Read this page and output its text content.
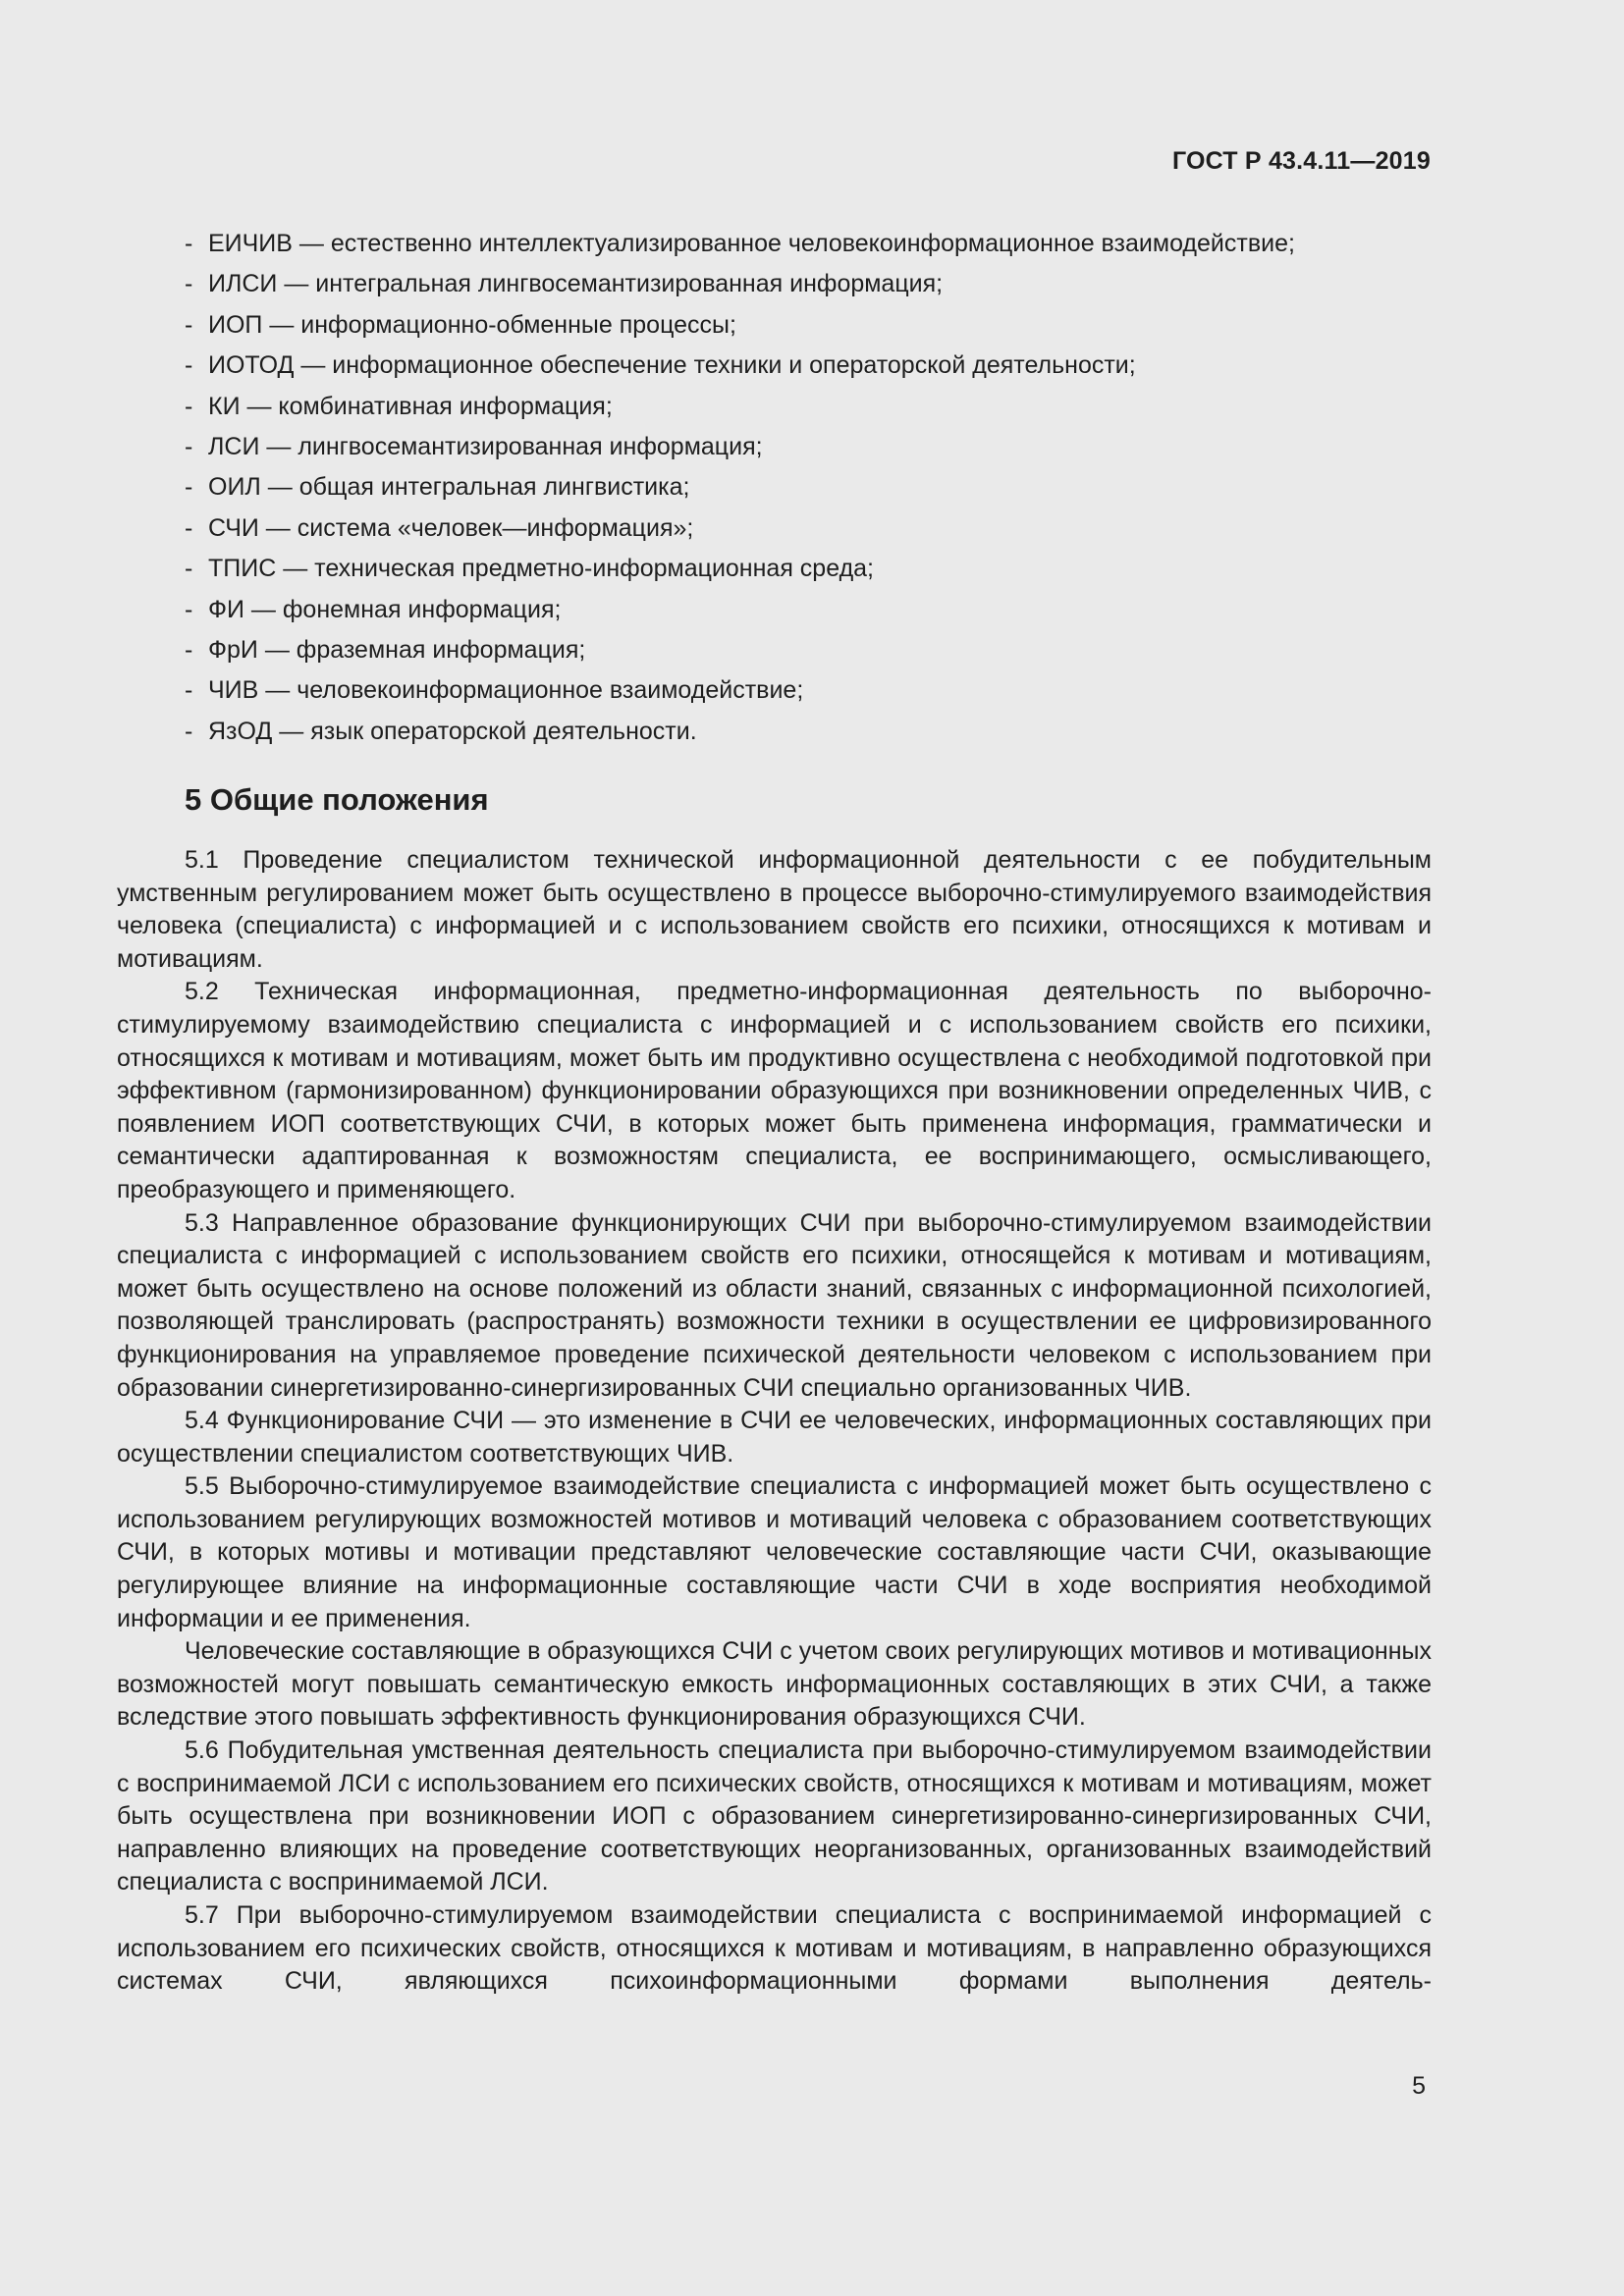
ГОСТ Р 43.4.11—2019
- ЕИЧИВ — естественно интеллектуализированное человекоинформационное взаимодействие;
- ИЛСИ — интегральная лингвосемантизированная информация;
- ИОП — информационно-обменные процессы;
- ИОТОД — информационное обеспечение техники и операторской деятельности;
- КИ — комбинативная информация;
- ЛСИ — лингвосемантизированная информация;
- ОИЛ — общая интегральная лингвистика;
- СЧИ — система «человек—информация»;
- ТПИС — техническая предметно-информационная среда;
- ФИ — фонемная информация;
- ФрИ — фраземная информация;
- ЧИВ — человекоинформационное взаимодействие;
- ЯзОД — язык операторской деятельности.
5 Общие положения

5.1 Проведение специалистом технической информационной деятельности с ее побудительным умственным регулированием может быть осуществлено в процессе выборочно-стимулируемого взаимодействия человека (специалиста) с информацией и с использованием свойств его психики, относящихся к мотивам и мотивациям.

5.2 Техническая информационная, предметно-информационная деятельность по выборочно-стимулируемому взаимодействию специалиста с информацией и с использованием свойств его психики, относящихся к мотивам и мотивациям, может быть им продуктивно осуществлена с необходимой подготовкой при эффективном (гармонизированном) функционировании образующихся при возникновении определенных ЧИВ, с появлением ИОП соответствующих СЧИ, в которых может быть применена информация, грамматически и семантически адаптированная к возможностям специалиста, ее воспринимающего, осмысливающего, преобразующего и применяющего.

5.3 Направленное образование функционирующих СЧИ при выборочно-стимулируемом взаимодействии специалиста с информацией с использованием свойств его психики, относящейся к мотивам и мотивациям, может быть осуществлено на основе положений из области знаний, связанных с информационной психологией, позволяющей транслировать (распространять) возможности техники в осуществлении ее цифровизированного функционирования на управляемое проведение психической деятельности человеком с использованием при образовании синергетизированно-синергизированных СЧИ специально организованных ЧИВ.

5.4 Функционирование СЧИ — это изменение в СЧИ ее человеческих, информационных составляющих при осуществлении специалистом соответствующих ЧИВ.

5.5 Выборочно-стимулируемое взаимодействие специалиста с информацией может быть осуществлено с использованием регулирующих возможностей мотивов и мотиваций человека с образованием соответствующих СЧИ, в которых мотивы и мотивации представляют человеческие составляющие части СЧИ, оказывающие регулирующее влияние на информационные составляющие части СЧИ в ходе восприятия необходимой информации и ее применения.

Человеческие составляющие в образующихся СЧИ с учетом своих регулирующих мотивов и мотивационных возможностей могут повышать семантическую емкость информационных составляющих в этих СЧИ, а также вследствие этого повышать эффективность функционирования образующихся СЧИ.

5.6 Побудительная умственная деятельность специалиста при выборочно-стимулируемом взаимодействии с воспринимаемой ЛСИ с использованием его психических свойств, относящихся к мотивам и мотивациям, может быть осуществлена при возникновении ИОП с образованием синергетизированно-синергизированных СЧИ, направленно влияющих на проведение соответствующих неорганизованных, организованных взаимодействий специалиста с воспринимаемой ЛСИ.

5.7 При выборочно-стимулируемом взаимодействии специалиста с воспринимаемой информацией с использованием его психических свойств, относящихся к мотивам и мотивациям, в направленно образующихся системах СЧИ, являющихся психоинформационными формами выполнения деятель-

5
